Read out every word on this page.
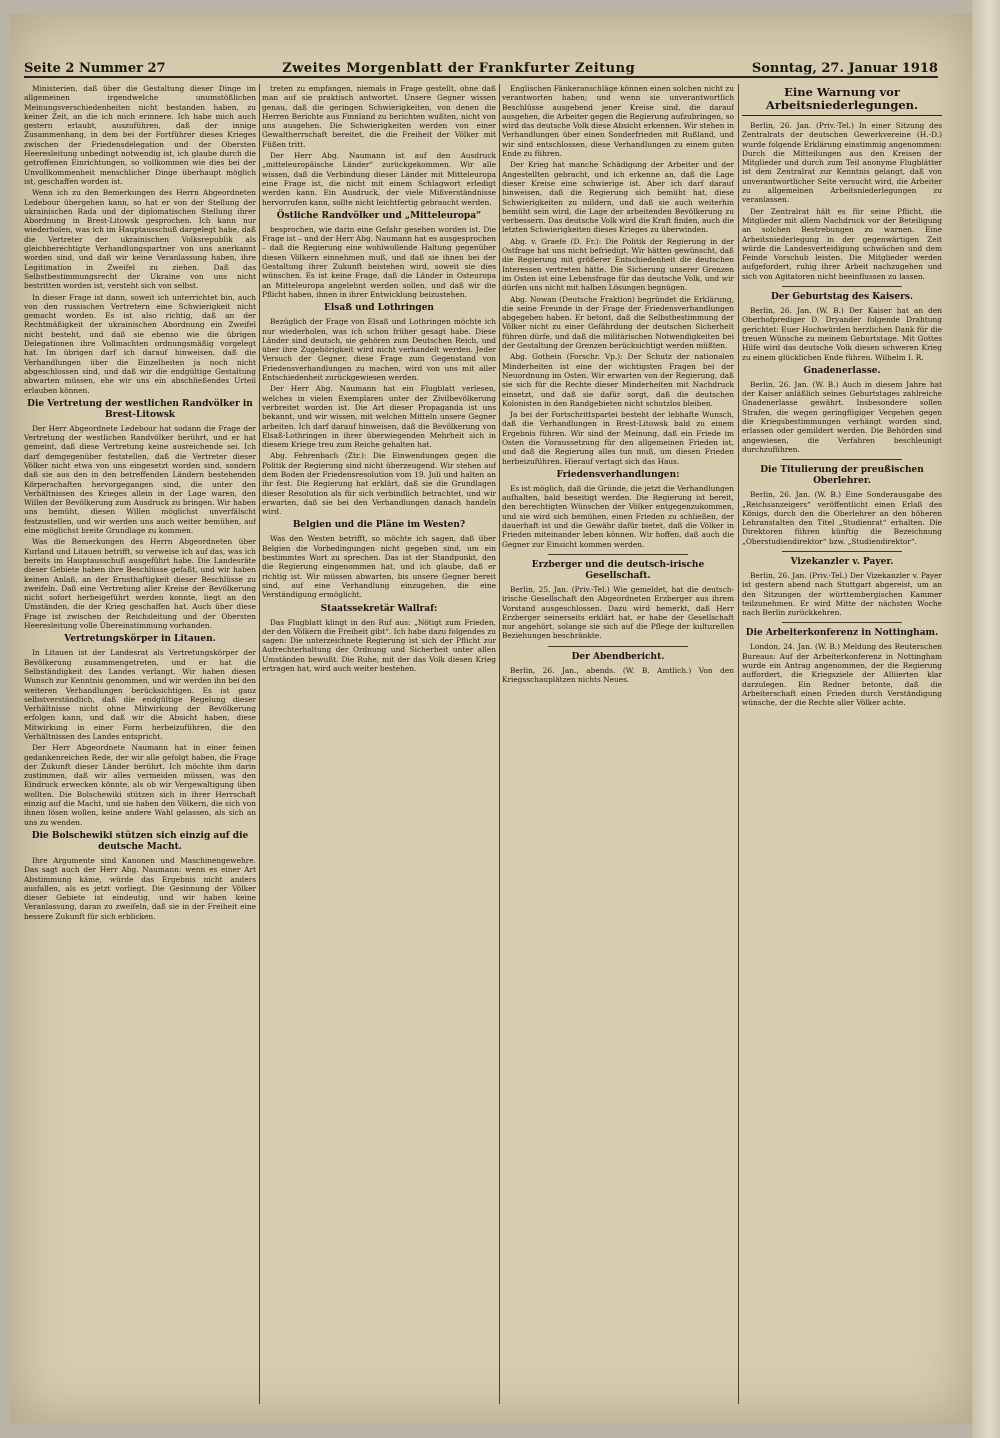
Seite 2 Nummer 27	Zweites Morgenblatt der Frankfurter Zeitung	Sonntag, 27. Januar 1918

Ministerien, daß über die Gestaltung dieser Dinge im allgemeinen irgendwelche unumstößlichen Meinungsverschiedenheiten nicht bestanden haben, zu keiner Zeit, an die ich mich erinnere. Ich habe mich auch gestern erlaubt, auszuführen, daß der innige Zusammenhang, in dem bei der Fortführer dieses Krieges zwischen der Friedensdelegation und der Obersten Heeresleitung unbedingt notwendig ist, ich glaube durch die getroffenen Einrichtungen, so vollkommen wie dies bei der Unvollkommenheit menschlicher Dinge überhaupt möglich ist, geschaffen worden ist.

Wenn ich zu den Bemerkungen des Herrn Abgeordneten Ledebour übergehen kann, so hat er von der Stellung der ukrainischen Rada und der diplomatischen Stellung ihrer Abordnung in Brest-Litowsk gesprochen. Ich kann nur wiederholen, was ich im Hauptausschuß dargelegt habe, daß die Vertreter der ukrainischen Volksrepublik als gleichberechtigte Verhandlungspartner von uns anerkannt worden sind, und daß wir keine Veranlassung haben, ihre Legitimation in Zweifel zu ziehen. Daß das Selbstbestimmungsrecht der Ukraine von uns nicht bestritten worden ist, versteht sich von selbst.

In dieser Frage ist dann, soweit ich unterrichtet bin, auch von den russischen Vertretern eine Schwierigkeit nicht gemacht worden. Es ist also richtig, daß an der Rechtmäßigkeit der ukrainischen Abordnung ein Zweifel nicht besteht, und daß sie ebenso wie die übrigen Delegationen ihre Vollmachten ordnungsmäßig vorgelegt hat. Im übrigen darf ich darauf hinweisen, daß die Verhandlungen über die Einzelheiten ja noch nicht abgeschlossen sind, und daß wir die endgültige Gestaltung abwarten müssen, ehe wir uns ein abschließendes Urteil erlauben können.

Die Vertretung der westlichen Randvölker in Brest-Litowsk

Der Herr Abgeordnete Ledebour hat sodann die Frage der Vertretung der westlichen Randvölker berührt, und er hat gemeint, daß diese Vertretung keine ausreichende sei. Ich darf demgegenüber feststellen, daß die Vertreter dieser Völker nicht etwa von uns eingesetzt worden sind, sondern daß sie aus den in den betreffenden Ländern bestehenden Körperschaften hervorgegangen sind, die unter den Verhältnissen des Krieges allein in der Lage waren, den Willen der Bevölkerung zum Ausdruck zu bringen. Wir haben uns bemüht, diesen Willen möglichst unverfälscht festzustellen, und wir werden uns auch weiter bemühen, auf eine möglichst breite Grundlage zu kommen.

Was die Bemerkungen des Herrn Abgeordneten über Kurland und Litauen betrifft, so verweise ich auf das, was ich bereits im Hauptausschuß ausgeführt habe. Die Landesräte dieser Gebiete haben ihre Beschlüsse gefaßt, und wir haben keinen Anlaß, an der Ernsthaftigkeit dieser Beschlüsse zu zweifeln. Daß eine Vertretung aller Kreise der Bevölkerung nicht sofort herbeigeführt werden konnte, liegt an den Umständen, die der Krieg geschaffen hat. Auch über diese Frage ist zwischen der Reichsleitung und der Obersten Heeresleitung volle Übereinstimmung vorhanden.

Vertretungskörper in Litauen.

In Litauen ist der Landesrat als Vertretungskörper der Bevölkerung zusammengetreten, und er hat die Selbständigkeit des Landes verlangt. Wir haben diesen Wunsch zur Kenntnis genommen, und wir werden ihn bei den weiteren Verhandlungen berücksichtigen. Es ist ganz selbstverständlich, daß die endgültige Regelung dieser Verhältnisse nicht ohne Mitwirkung der Bevölkerung erfolgen kann, und daß wir die Absicht haben, diese Mitwirkung in einer Form herbeizuführen, die den Verhältnissen des Landes entspricht.

Der Herr Abgeordnete Naumann hat in einer feinen gedankenreichen Rede, der wir alle gefolgt haben, die Frage der Zukunft dieser Länder berührt. Ich möchte ihm darin zustimmen, daß wir alles vermeiden müssen, was den Eindruck erwecken könnte, als ob wir Vergewaltigung üben wollten. Die Bolschewiki stützen sich in ihrer Herrschaft einzig auf die Macht, und sie haben den Völkern, die sich von ihnen lösen wollen, keine andere Wahl gelassen, als sich an uns zu wenden.

Die Bolschewiki stützen sich einzig auf die deutsche Macht.

Ihre Argumente sind Kanonen und Maschinengewehre. Das sagt auch der Herr Abg. Naumann: wenn es einer Art Abstimmung käme, würde das Ergebnis nicht anders ausfallen, als es jetzt vorliegt. Die Gesinnung der Völker dieser Gebiete ist eindeutig, und wir haben keine Veranlassung, daran zu zweifeln, daß sie in der Freiheit eine bessere Zukunft für sich erblicken.

treten zu empfangen, niemals in Frage gestellt, ohne daß man auf sie praktisch antwortet. Unsere Gegner wissen genau, daß die geringen Schwierigkeiten, von denen die Herren Berichte aus Finnland zu berichten wußten, nicht von uns ausgehen. Die Schwierigkeiten werden von einer Gewaltherrschaft bereitet, die die Freiheit der Völker mit Füßen tritt.

Der Herr Abg. Naumann ist auf den Ausdruck „mitteleuropäische Länder“ zurückgekommen. Wir alle wissen, daß die Verbindung dieser Länder mit Mitteleuropa eine Frage ist, die nicht mit einem Schlagwort erledigt werden kann. Ein Ausdruck, der viele Mißverständnisse hervorrufen kann, sollte nicht leichtfertig gebraucht werden.

Östliche Randvölker und „Mitteleuropa“

besprochen, wie darin eine Gefahr gesehen worden ist. Die Frage ist – und der Herr Abg. Naumann hat es ausgesprochen – daß die Regierung eine wohlwollende Haltung gegenüber diesen Völkern einnehmen muß, und daß sie ihnen bei der Gestaltung ihrer Zukunft beistehen wird, soweit sie dies wünschen. Es ist keine Frage, daß die Länder in Osteuropa an Mitteleuropa angelehnt werden sollen, und daß wir die Pflicht haben, ihnen in ihrer Entwicklung beizustehen.

Elsaß und Lothringen

Bezüglich der Frage von Elsaß und Lothringen möchte ich nur wiederholen, was ich schon früher gesagt habe. Diese Länder sind deutsch, sie gehören zum Deutschen Reich, und über ihre Zugehörigkeit wird nicht verhandelt werden. Jeder Versuch der Gegner, diese Frage zum Gegenstand von Friedensverhandlungen zu machen, wird von uns mit aller Entschiedenheit zurückgewiesen werden.

Der Herr Abg. Naumann hat ein Flugblatt verlesen, welches in vielen Exemplaren unter der Zivilbevölkerung verbreitet worden ist. Die Art dieser Propaganda ist uns bekannt, und wir wissen, mit welchen Mitteln unsere Gegner arbeiten. Ich darf darauf hinweisen, daß die Bevölkerung von Elsaß-Lothringen in ihrer überwiegenden Mehrheit sich in diesem Kriege treu zum Reiche gehalten hat.

Abg. Fehrenbach (Ztr.): Die Einwendungen gegen die Politik der Regierung sind nicht überzeugend. Wir stehen auf dem Boden der Friedensresolution vom 19. Juli und halten an ihr fest. Die Regierung hat erklärt, daß sie die Grundlagen dieser Resolution als für sich verbindlich betrachtet, und wir erwarten, daß sie bei den Verhandlungen danach handeln wird.

Belgien und die Pläne im Westen?

Was den Westen betrifft, so möchte ich sagen, daß über Belgien die Vorbedingungen nicht gegeben sind, um ein bestimmtes Wort zu sprechen. Das ist der Standpunkt, den die Regierung eingenommen hat, und ich glaube, daß er richtig ist. Wir müssen abwarten, bis unsere Gegner bereit sind, auf eine Verhandlung einzugehen, die eine Verständigung ermöglicht.

Staatssekretär Wallraf:

Das Flugblatt klingt in den Ruf aus: „Nötigt zum Frieden, der den Völkern die Freiheit gibt“. Ich habe dazu folgendes zu sagen: Die unterzeichnete Regierung ist sich der Pflicht zur Aufrechterhaltung der Ordnung und Sicherheit unter allen Umständen bewußt. Die Ruhe, mit der das Volk diesen Krieg ertragen hat, wird auch weiter bestehen.

Englischen Fänkeranschläge können einen solchen nicht zu verantworten haben; und wenn sie unverantwortlich Beschlüsse ausgebend jener Kreise sind, die darauf ausgehen, die Arbeiter gegen die Regierung aufzubringen, so wird das deutsche Volk diese Absicht erkennen. Wir stehen in Verhandlungen über einen Sonderfrieden mit Rußland, und wir sind entschlossen, diese Verhandlungen zu einem guten Ende zu führen.

Der Krieg hat manche Schädigung der Arbeiter und der Angestellten gebracht, und ich erkenne an, daß die Lage dieser Kreise eine schwierige ist. Aber ich darf darauf hinweisen, daß die Regierung sich bemüht hat, diese Schwierigkeiten zu mildern, und daß sie auch weiterhin bemüht sein wird, die Lage der arbeitenden Bevölkerung zu verbessern. Das deutsche Volk wird die Kraft finden, auch die letzten Schwierigkeiten dieses Krieges zu überwinden.

Abg. v. Graefe (D. Fr.): Die Politik der Regierung in der Ostfrage hat uns nicht befriedigt. Wir hätten gewünscht, daß die Regierung mit größerer Entschiedenheit die deutschen Interessen vertreten hätte. Die Sicherung unserer Grenzen im Osten ist eine Lebensfrage für das deutsche Volk, und wir dürfen uns nicht mit halben Lösungen begnügen.

Abg. Nowan (Deutsche Fraktion) begründet die Erklärung, die seine Freunde in der Frage der Friedensverhandlungen abgegeben haben. Er betont, daß die Selbstbestimmung der Völker nicht zu einer Gefährdung der deutschen Sicherheit führen dürfe, und daß die militärischen Notwendigkeiten bei der Gestaltung der Grenzen berücksichtigt werden müßten.

Abg. Gothein (Forschr. Vp.): Der Schutz der nationalen Minderheiten ist eine der wichtigsten Fragen bei der Neuordnung im Osten. Wir erwarten von der Regierung, daß sie sich für die Rechte dieser Minderheiten mit Nachdruck einsetzt, und daß sie dafür sorgt, daß die deutschen Kolonisten in den Randgebieten nicht schutzlos bleiben.

Ja bei der Fortschrittspartei besteht der lebhafte Wunsch, daß die Verhandlungen in Brest-Litowsk bald zu einem Ergebnis führen. Wir sind der Meinung, daß ein Friede im Osten die Voraussetzung für den allgemeinen Frieden ist, und daß die Regierung alles tun muß, um diesen Frieden herbeizuführen. Hierauf vertagt sich das Haus.

Friedensverhandlungen:

Es ist möglich, daß die Gründe, die jetzt die Verhandlungen aufhalten, bald beseitigt werden. Die Regierung ist bereit, den berechtigten Wünschen der Völker entgegenzukommen, und sie wird sich bemühen, einen Frieden zu schließen, der dauerhaft ist und die Gewähr dafür bietet, daß die Völker in Frieden miteinander leben können. Wir hoffen, daß auch die Gegner zur Einsicht kommen werden.

Erzberger und die deutsch-irische Gesellschaft.

Berlin, 25. Jan. (Priv.-Tel.) Wie gemeldet, hat die deutsch-irische Gesellschaft den Abgeordneten Erzberger aus ihrem Vorstand ausgeschlossen. Dazu wird bemerkt, daß Herr Erzberger seinerseits erklärt hat, er habe der Gesellschaft nur angehört, solange sie sich auf die Pflege der kulturellen Beziehungen beschränkte.

Der Abendbericht.

Berlin, 26. Jan., abends. (W. B. Amtlich.) Von den Kriegsschauplätzen nichts Neues.

Eine Warnung vor Arbeitsniederlegungen.

Berlin, 26. Jan. (Priv.-Tel.) In einer Sitzung des Zentralrats der deutschen Gewerkvereine (H.-D.) wurde folgende Erklärung einstimmig angenommen: Durch die Mitteilungen aus den Kreisen der Mitglieder und durch zum Teil anonyme Flugblätter ist dem Zentralrat zur Kenntnis gelangt, daß von unverantwortlicher Seite versucht wird, die Arbeiter zu allgemeinen Arbeitsniederlegungen zu veranlassen.

Der Zentralrat hält es für seine Pflicht, die Mitglieder mit allem Nachdruck vor der Beteiligung an solchen Bestrebungen zu warnen. Eine Arbeitsniederlegung in der gegenwärtigen Zeit würde die Landesverteidigung schwächen und dem Feinde Vorschub leisten. Die Mitglieder werden aufgefordert, ruhig ihrer Arbeit nachzugehen und sich von Agitatoren nicht beeinflussen zu lassen.

Der Geburtstag des Kaisers.

Berlin, 26. Jan. (W. B.) Der Kaiser hat an den Oberhofprediger D. Dryander folgende Drahtung gerichtet: Euer Hochwürden herzlichen Dank für die treuen Wünsche zu meinem Geburtstage. Mit Gottes Hilfe wird das deutsche Volk diesen schweren Krieg zu einem glücklichen Ende führen. Wilhelm I. R.

Gnadenerlasse.

Berlin, 26. Jan. (W. B.) Auch in diesem Jahre hat der Kaiser anläßlich seines Geburtstages zahlreiche Gnadenerlasse gewährt. Insbesondere sollen Strafen, die wegen geringfügiger Vergehen gegen die Kriegsbestimmungen verhängt worden sind, erlassen oder gemildert werden. Die Behörden sind angewiesen, die Verfahren beschleunigt durchzuführen.

Die Titulierung der preußischen Oberlehrer.

Berlin, 26. Jan. (W. B.) Eine Sonderausgabe des „Reichsanzeigers“ veröffentlicht einen Erlaß des Königs, durch den die Oberlehrer an den höheren Lehranstalten den Titel „Studienrat“ erhalten. Die Direktoren führen künftig die Bezeichnung „Oberstudiendirektor“ bzw. „Studiendirektor“.

Vizekanzler v. Payer.

Berlin, 26. Jan. (Priv.-Tel.) Der Vizekanzler v. Payer ist gestern abend nach Stuttgart abgereist, um an den Sitzungen der württembergischen Kammer teilzunehmen. Er wird Mitte der nächsten Woche nach Berlin zurückkehren.

Die Arbeiterkonferenz in Nottingham.

London, 24. Jan. (W. B.) Meldung des Reuterschen Bureaus: Auf der Arbeiterkonferenz in Nottingham wurde ein Antrag angenommen, der die Regierung auffordert, die Kriegsziele der Alliierten klar darzulegen. Ein Redner betonte, daß die Arbeiterschaft einen Frieden durch Verständigung wünsche, der die Rechte aller Völker achte.
